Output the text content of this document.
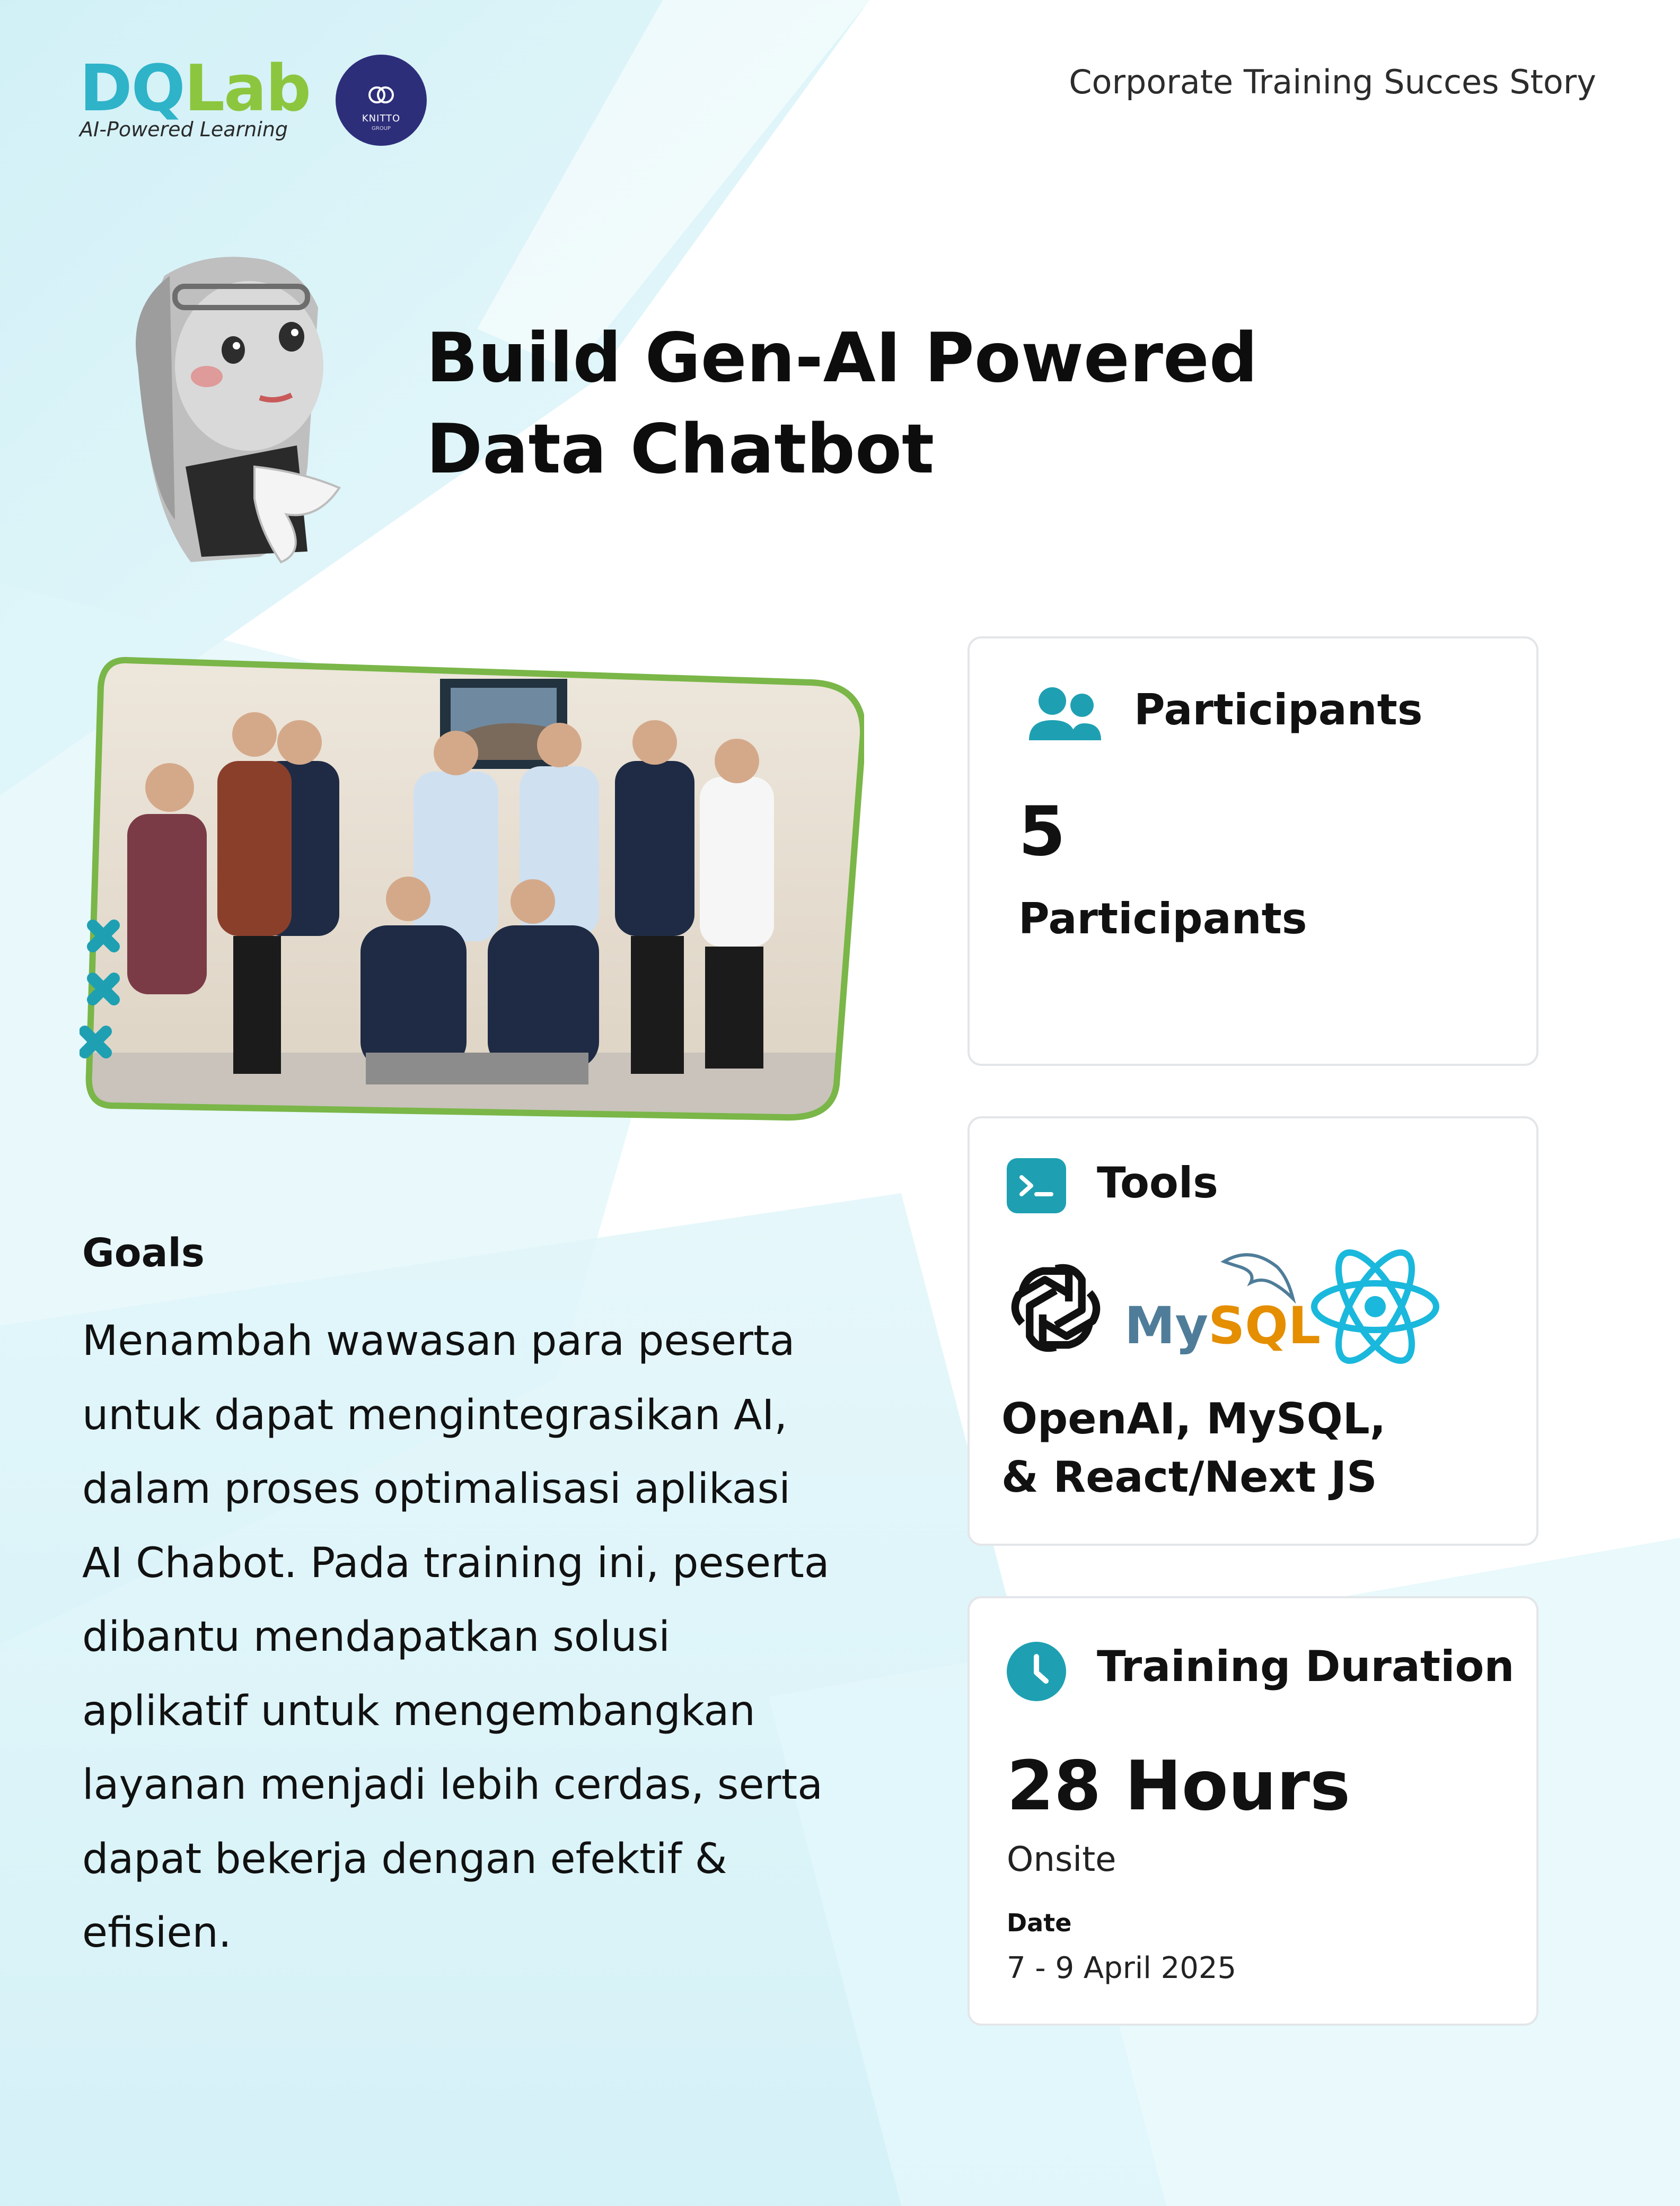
DQLab
AI-Powered Learning	KNITTO
GROUP
Corporate Training Succes Story
Build Gen-AI Powered
Data Chatbot
Goals
Menambah wawasan para peserta
untuk dapat mengintegrasikan AI,
dalam proses optimalisasi aplikasi
AI Chabot. Pada training ini, peserta
dibantu mendapatkan solusi
aplikatif untuk mengembangkan
layanan menjadi lebih cerdas, serta
dapat bekerja dengan efektif &
efisien.
Participants
5
Participants
Tools
MySQL
OpenAI, MySQL,
& React/Next JS
Training Duration
28 Hours
Onsite
Date
7 - 9 April 2025
